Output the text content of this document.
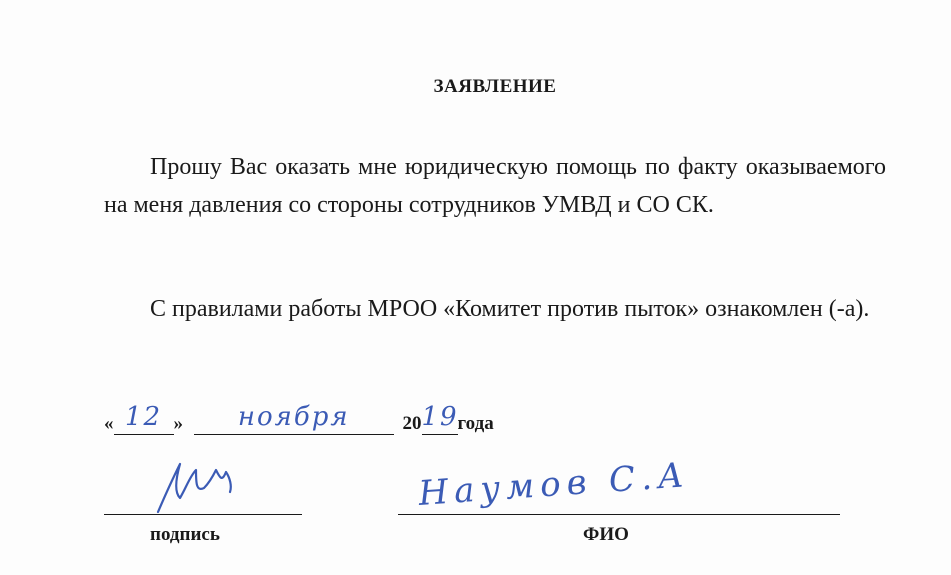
ЗАЯВЛЕНИЕ
Прошу Вас оказать мне юридическую помощь по факту оказываемого на меня давления со стороны сотрудников УМВД и СО СК.
С правилами работы МРОО «Комитет против пыток» ознакомлен (-а).
« 12 »	ноября	20 19
года
Наумов С.А
подпись	ФИО
